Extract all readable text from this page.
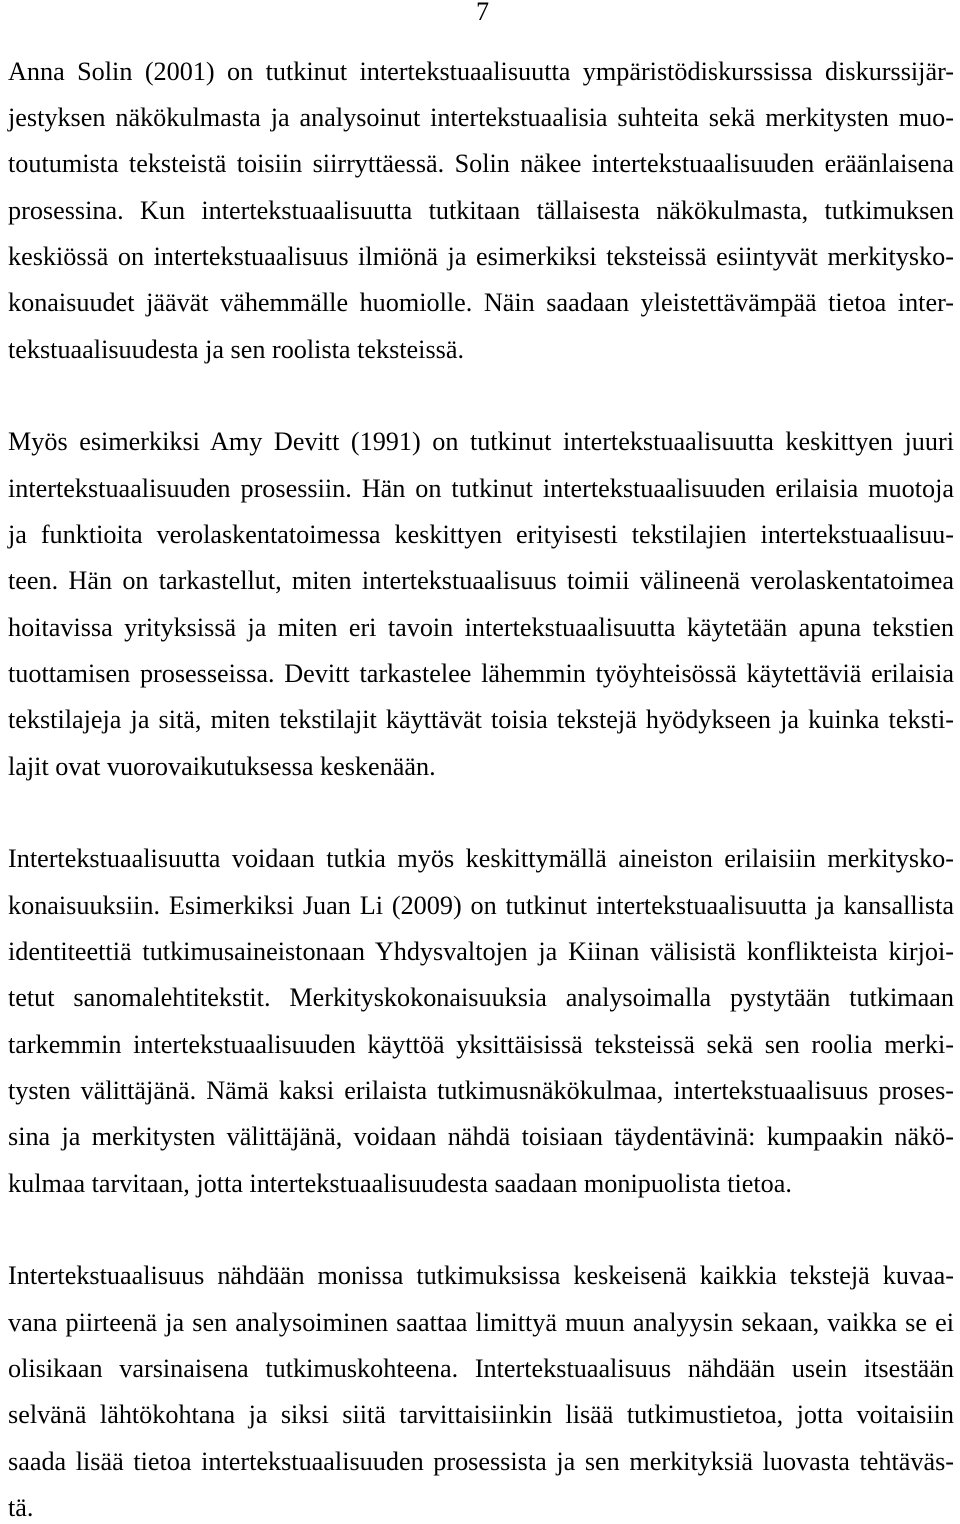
7
Anna Solin (2001) on tutkinut intertekstuaalisuutta ympäristödiskurssissa diskurssijär-
jestyksen näkökulmasta ja analysoinut intertekstuaalisia suhteita sekä merkitysten muo-
toutumista teksteistä toisiin siirryttäessä. Solin näkee intertekstuaalisuuden eräänlaisena
prosessina. Kun intertekstuaalisuutta tutkitaan tällaisesta näkökulmasta, tutkimuksen
keskiössä on intertekstuaalisuus ilmiönä ja esimerkiksi teksteissä esiintyvät merkitysko-
konaisuudet jäävät vähemmälle huomiolle. Näin saadaan yleistettävämpää tietoa inter-
tekstuaalisuudesta ja sen roolista teksteissä.
Myös esimerkiksi Amy Devitt (1991) on tutkinut intertekstuaalisuutta keskittyen juuri
intertekstuaalisuuden prosessiin. Hän on tutkinut intertekstuaalisuuden erilaisia muotoja
ja funktioita verolaskentatoimessa keskittyen erityisesti tekstilajien intertekstuaalisuu-
teen. Hän on tarkastellut, miten intertekstuaalisuus toimii välineenä verolaskentatoimea
hoitavissa yrityksissä ja miten eri tavoin intertekstuaalisuutta käytetään apuna tekstien
tuottamisen prosesseissa. Devitt tarkastelee lähemmin työyhteisössä käytettäviä erilaisia
tekstilajeja ja sitä, miten tekstilajit käyttävät toisia tekstejä hyödykseen ja kuinka teksti-
lajit ovat vuorovaikutuksessa keskenään.
Intertekstuaalisuutta voidaan tutkia myös keskittymällä aineiston erilaisiin merkitysko-
konaisuuksiin. Esimerkiksi Juan Li (2009) on tutkinut intertekstuaalisuutta ja kansallista
identiteettiä tutkimusaineistonaan Yhdysvaltojen ja Kiinan välisistä konflikteista kirjoi-
tetut sanomalehtitekstit. Merkityskokonaisuuksia analysoimalla pystytään tutkimaan
tarkemmin intertekstuaalisuuden käyttöä yksittäisissä teksteissä sekä sen roolia merki-
tysten välittäjänä. Nämä kaksi erilaista tutkimusnäkökulmaa, intertekstuaalisuus proses-
sina ja merkitysten välittäjänä, voidaan nähdä toisiaan täydentävinä: kumpaakin näkö-
kulmaa tarvitaan, jotta intertekstuaalisuudesta saadaan monipuolista tietoa.
Intertekstuaalisuus nähdään monissa tutkimuksissa keskeisenä kaikkia tekstejä kuvaa-
vana piirteenä ja sen analysoiminen saattaa limittyä muun analyysin sekaan, vaikka se ei
olisikaan varsinaisena tutkimuskohteena. Intertekstuaalisuus nähdään usein itsestään
selvänä lähtökohtana ja siksi siitä tarvittaisiinkin lisää tutkimustietoa, jotta voitaisiin
saada lisää tietoa intertekstuaalisuuden prosessista ja sen merkityksiä luovasta tehtäväs-
tä.
